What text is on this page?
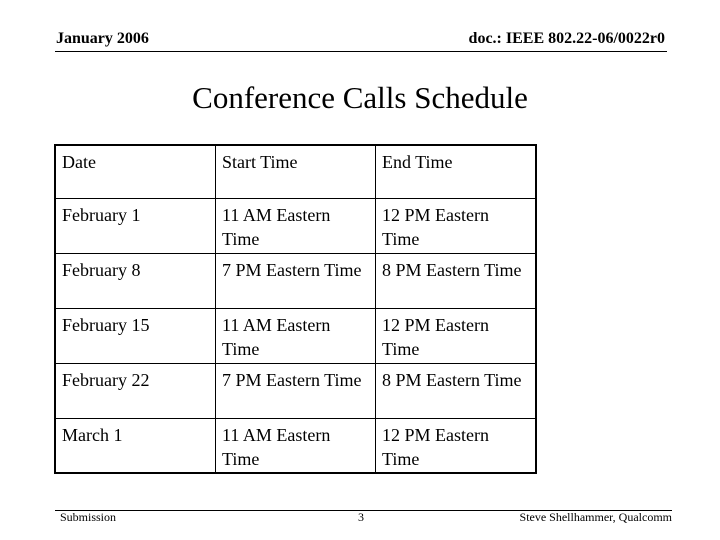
January 2006	doc.: IEEE 802.22-06/0022r0
Conference Calls Schedule
Date	Start Time	End Time
February 1	11 AM Eastern Time	12 PM Eastern Time
February 8	7 PM Eastern Time	8 PM Eastern Time
February 15	11 AM Eastern Time	12 PM Eastern Time
February 22	7 PM Eastern Time	8 PM Eastern Time
March 1	11 AM Eastern Time	12 PM Eastern Time
Submission	3	Steve Shellhammer, Qualcomm
